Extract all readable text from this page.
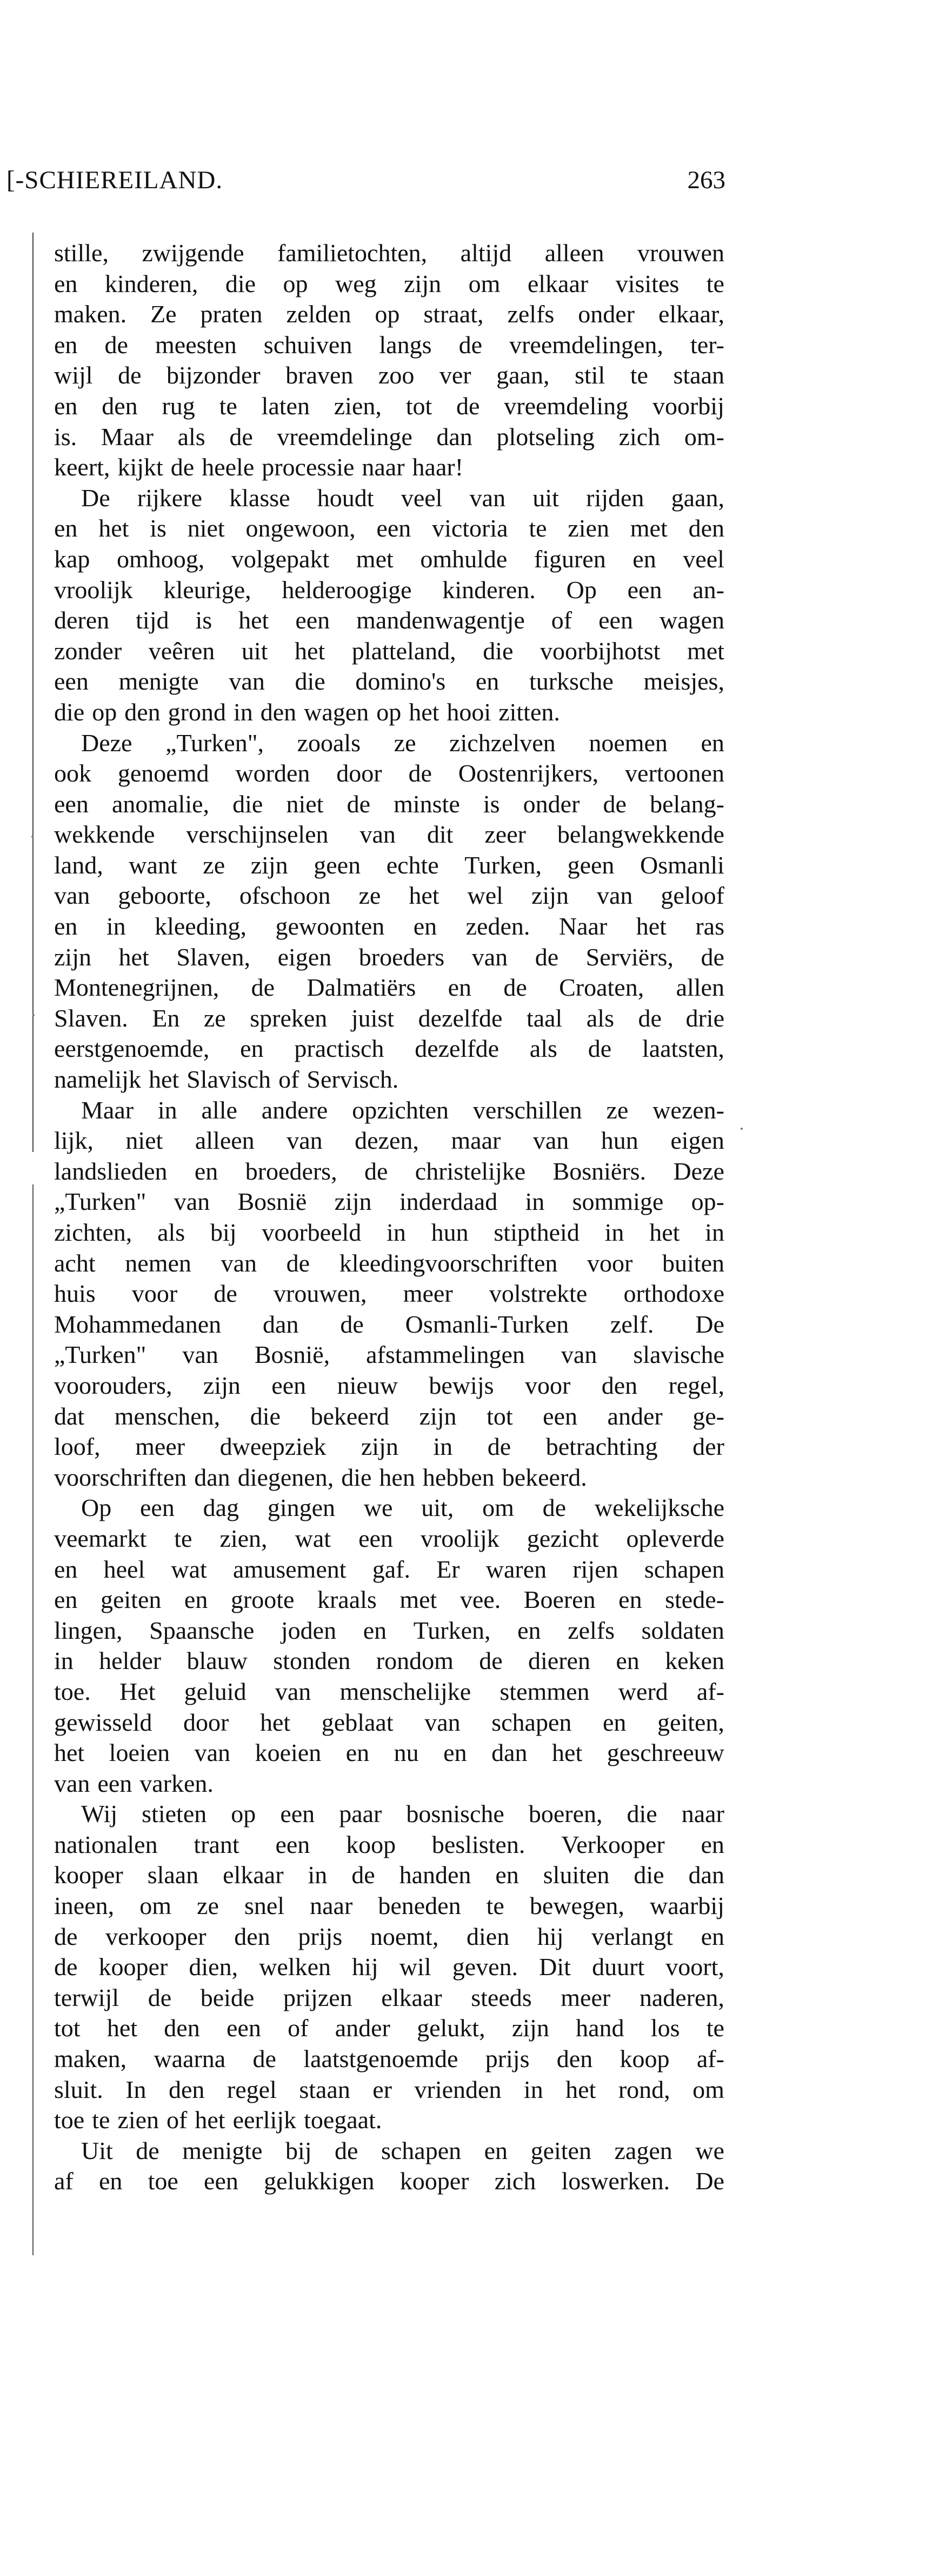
[-SCHIEREILAND.	263
stille, zwijgende familietochten, altijd alleen vrouwen
en kinderen, die op weg zijn om elkaar visites te
maken. Ze praten zelden op straat, zelfs onder elkaar,
en de meesten schuiven langs de vreemdelingen, ter-
wijl de bijzonder braven zoo ver gaan, stil te staan
en den rug te laten zien, tot de vreemdeling voorbij
is. Maar als de vreemdelinge dan plotseling zich om-
keert, kijkt de heele processie naar haar!
De rijkere klasse houdt veel van uit rijden gaan,
en het is niet ongewoon, een victoria te zien met den
kap omhoog, volgepakt met omhulde figuren en veel
vroolijk kleurige, helderoogige kinderen. Op een an-
deren tijd is het een mandenwagentje of een wagen
zonder veêren uit het platteland, die voorbijhotst met
een menigte van die domino's en turksche meisjes,
die op den grond in den wagen op het hooi zitten.
Deze „Turken", zooals ze zichzelven noemen en
ook genoemd worden door de Oostenrijkers, vertoonen
een anomalie, die niet de minste is onder de belang-
wekkende verschijnselen van dit zeer belangwekkende
land, want ze zijn geen echte Turken, geen Osmanli
van geboorte, ofschoon ze het wel zijn van geloof
en in kleeding, gewoonten en zeden. Naar het ras
zijn het Slaven, eigen broeders van de Serviërs, de
Montenegrijnen, de Dalmatiërs en de Croaten, allen
Slaven. En ze spreken juist dezelfde taal als de drie
eerstgenoemde, en practisch dezelfde als de laatsten,
namelijk het Slavisch of Servisch.
Maar in alle andere opzichten verschillen ze wezen-
lijk, niet alleen van dezen, maar van hun eigen
landslieden en broeders, de christelijke Bosniërs. Deze
„Turken" van Bosnië zijn inderdaad in sommige op-
zichten, als bij voorbeeld in hun stiptheid in het in
acht nemen van de kleedingvoorschriften voor buiten
huis voor de vrouwen, meer volstrekte orthodoxe
Mohammedanen dan de Osmanli-Turken zelf. De
„Turken" van Bosnië, afstammelingen van slavische
voorouders, zijn een nieuw bewijs voor den regel,
dat menschen, die bekeerd zijn tot een ander ge-
loof, meer dweepziek zijn in de betrachting der
voorschriften dan diegenen, die hen hebben bekeerd.
Op een dag gingen we uit, om de wekelijksche
veemarkt te zien, wat een vroolijk gezicht opleverde
en heel wat amusement gaf. Er waren rijen schapen
en geiten en groote kraals met vee. Boeren en stede-
lingen, Spaansche joden en Turken, en zelfs soldaten
in helder blauw stonden rondom de dieren en keken
toe. Het geluid van menschelijke stemmen werd af-
gewisseld door het geblaat van schapen en geiten,
het loeien van koeien en nu en dan het geschreeuw
van een varken.
Wij stieten op een paar bosnische boeren, die naar
nationalen trant een koop beslisten. Verkooper en
kooper slaan elkaar in de handen en sluiten die dan
ineen, om ze snel naar beneden te bewegen, waarbij
de verkooper den prijs noemt, dien hij verlangt en
de kooper dien, welken hij wil geven. Dit duurt voort,
terwijl de beide prijzen elkaar steeds meer naderen,
tot het den een of ander gelukt, zijn hand los te
maken, waarna de laatstgenoemde prijs den koop af-
sluit. In den regel staan er vrienden in het rond, om
toe te zien of het eerlijk toegaat.
Uit de menigte bij de schapen en geiten zagen we
af en toe een gelukkigen kooper zich loswerken. De
